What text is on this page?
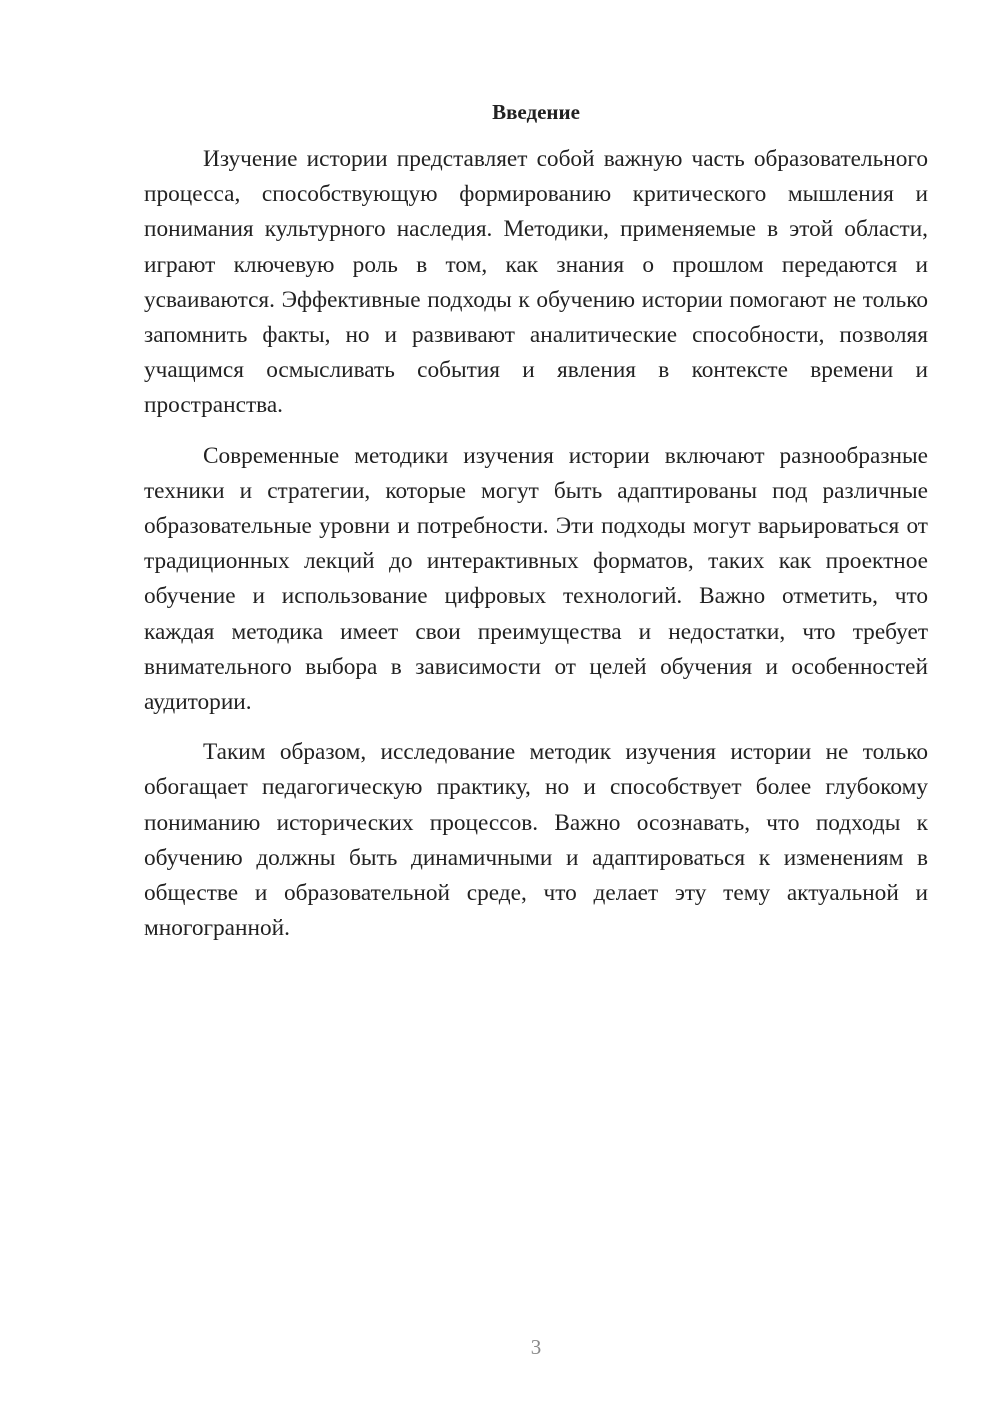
Введение

Изучение истории представляет собой важную часть образовательного процесса, способствующую формированию критического мышления и понимания культурного наследия. Методики, применяемые в этой области, играют ключевую роль в том, как знания о прошлом передаются и усваиваются. Эффективные подходы к обучению истории помогают не только запомнить факты, но и развивают аналитические способности, позволяя учащимся осмысливать события и явления в контексте времени и пространства.

Современные методики изучения истории включают разнообразные техники и стратегии, которые могут быть адаптированы под различные образовательные уровни и потребности. Эти подходы могут варьироваться от традиционных лекций до интерактивных форматов, таких как проектное обучение и использование цифровых технологий. Важно отметить, что каждая методика имеет свои преимущества и недостатки, что требует внимательного выбора в зависимости от целей обучения и особенностей аудитории.

Таким образом, исследование методик изучения истории не только обогащает педагогическую практику, но и способствует более глубокому пониманию исторических процессов. Важно осознавать, что подходы к обучению должны быть динамичными и адаптироваться к изменениям в обществе и образовательной среде, что делает эту тему актуальной и многогранной.

3
